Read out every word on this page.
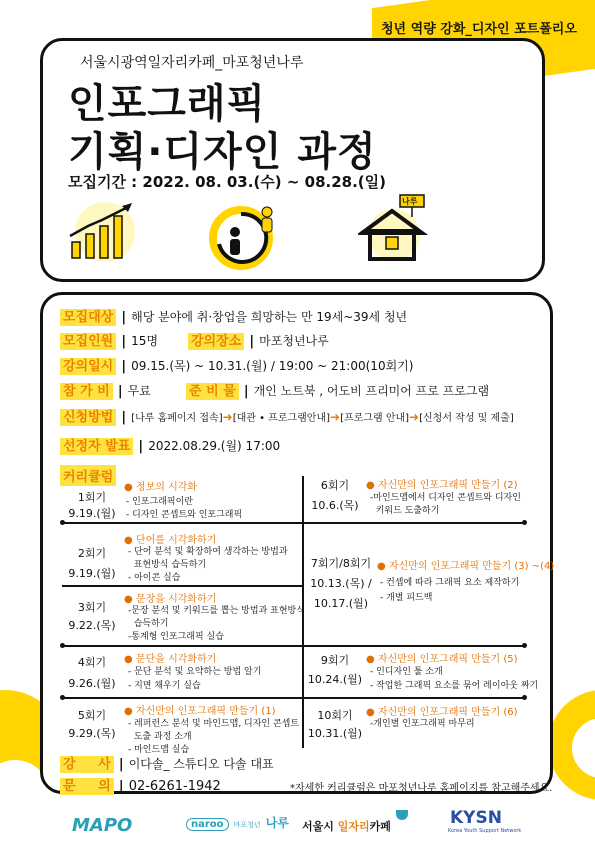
청년 역량 강화_디자인 포트폴리오
서울시광역일자리카페_마포청년나루
인포그래픽
기획·디자인 과정
모집기간 : 2022. 08. 03.(수) ~ 08.28.(일)
나루
모집대상 | 해당 분야에 취·창업을 희망하는 만 19세~39세 청년
모집인원 | 15명	강의장소 | 마포청년나루
강의일시 | 09.15.(목) ~ 10.31.(월) / 19:00 ~ 21:00(10회기)
참 가 비 | 무료	준 비 물 | 개인 노트북 , 어도비 프리미어 프로 프로그램
신청방법 | [나루 홈페이지 접속]➜[대관 • 프로그램안내]➜[프로그램 안내]➜[신청서 작성 및 제출]
선정자 발표 | 2022.08.29.(월) 17:00
커리큘럼
1회기
9.19.(월)
● 정보의 시각화
- 인포그래픽이란
- 디자인 콘셉트와 인포그래픽
2회기
9.19.(월)
● 단어를 시각화하기
- 단어 분석 및 확장하여 생각하는 방법과
표현방식 습득하기
- 아이콘 실습
3회기
9.22.(목)
● 문장을 시각화하기
-문장 분석 및 키워드를 뽑는 방법과 표현방식
습득하기
-통계형 인포그래픽 실습
4회기
9.26.(월)
● 문단을 시각화하기
- 문단 분석 및 요약하는 방법 알기
- 지면 채우기 실습
5회기
9.29.(목)
● 자신만의 인포그래픽 만들기 (1)
- 레퍼런스 분석 및 마인드맵, 디자인 콘셉트
도출 과정 소개
- 마인드맵 실습
6회기
10.6.(목)
● 자신만의 인포그래픽 만들기 (2)
-마인드맵에서 디자인 콘셉트와 디자인
키워드 도출하기
7회기/8회기
10.13.(목) /
10.17.(월)
● 자신만의 인포그래픽 만들기 (3) ~(4)
- 컨셉에 따라 그래픽 요소 제작하기
- 개별 피드백
9회기
10.24.(월)
● 자신만의 인포그래픽 만들기 (5)
- 인디자인 툴 소개
- 작업한 그래픽 요소를 묶어 레이아웃 짜기
10회기
10.31.(월)
● 자신만의 인포그래픽 만들기 (6)
-개인별 인포그래픽 마무리
강     사 | 이다솔_ 스튜디오 다솔 대표
문     의 | 02-6261-1942	*자세한 커리큘럼은 마포청년나루 홈페이지를 참고해주세요.
MAPO	naroo 마포청년 나루 서울시 일자리카페	KYSN
Korea Youth Support Network
